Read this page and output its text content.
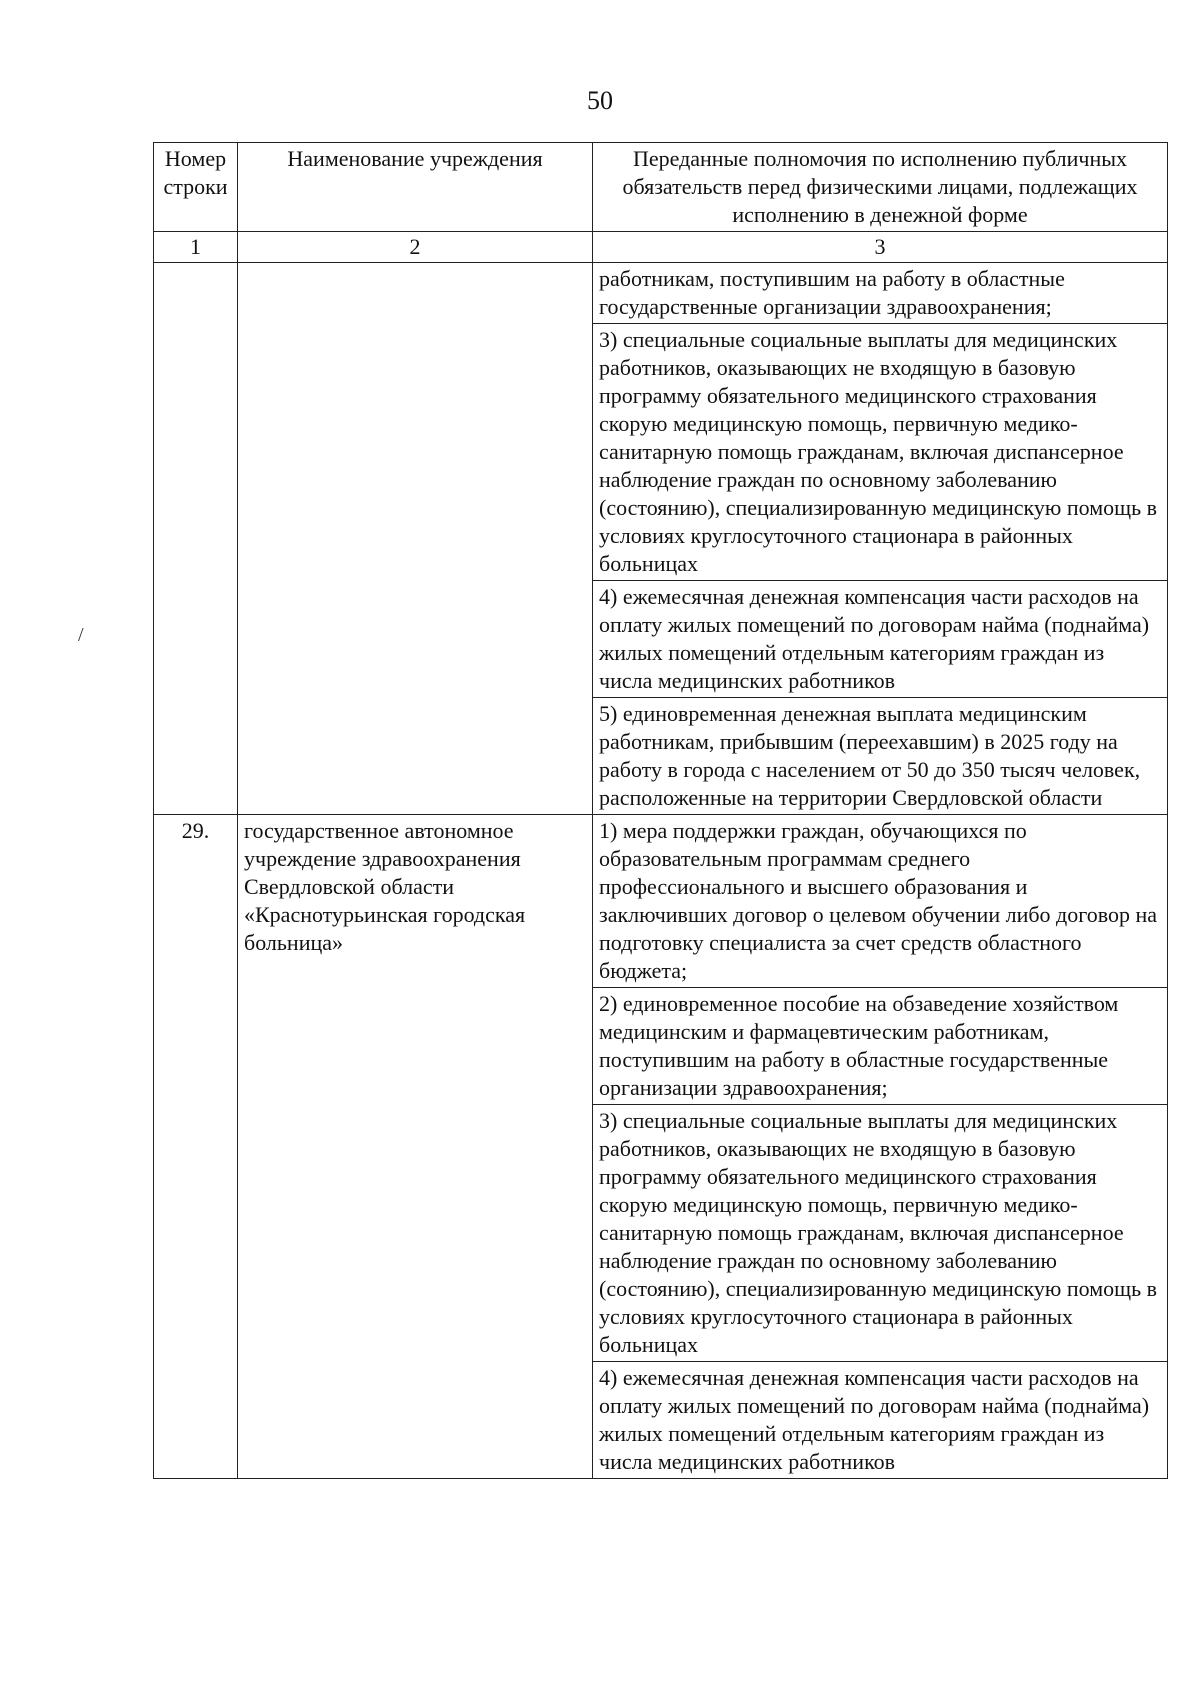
50
/
Номер строки	Наименование учреждения	Переданные полномочия по исполнению публичных обязательств перед физическими лицами, подлежащих исполнению в денежной форме
1	2	3
		работникам, поступившим на работу в областные государственные организации здравоохранения;
		3) специальные социальные выплаты для медицинских работников, оказывающих не входящую в базовую программу обязательного медицинского страхования скорую медицинскую помощь, первичную медико-санитарную помощь гражданам, включая диспансерное наблюдение граждан по основному заболеванию (состоянию), специализированную медицинскую помощь в условиях круглосуточного стационара в районных больницах
		4) ежемесячная денежная компенсация части расходов на оплату жилых помещений по договорам найма (поднайма) жилых помещений отдельным категориям граждан из числа медицинских работников
		5) единовременная денежная выплата медицинским работникам, прибывшим (переехавшим) в 2025 году на работу в города с населением от 50 до 350 тысяч человек, расположенные на территории Свердловской области
29.	государственное автономное учреждение здравоохранения Свердловской области «Краснотурьинская городская больница»	1) мера поддержки граждан, обучающихся по образовательным программам среднего профессионального и высшего образования и заключивших договор о целевом обучении либо договор на подготовку специалиста за счет средств областного бюджета;
		2) единовременное пособие на обзаведение хозяйством медицинским и фармацевтическим работникам, поступившим на работу в областные государственные организации здравоохранения;
		3) специальные социальные выплаты для медицинских работников, оказывающих не входящую в базовую программу обязательного медицинского страхования скорую медицинскую помощь, первичную медико-санитарную помощь гражданам, включая диспансерное наблюдение граждан по основному заболеванию (состоянию), специализированную медицинскую помощь в условиях круглосуточного стационара в районных больницах
		4) ежемесячная денежная компенсация части расходов на оплату жилых помещений по договорам найма (поднайма) жилых помещений отдельным категориям граждан из числа медицинских работников
